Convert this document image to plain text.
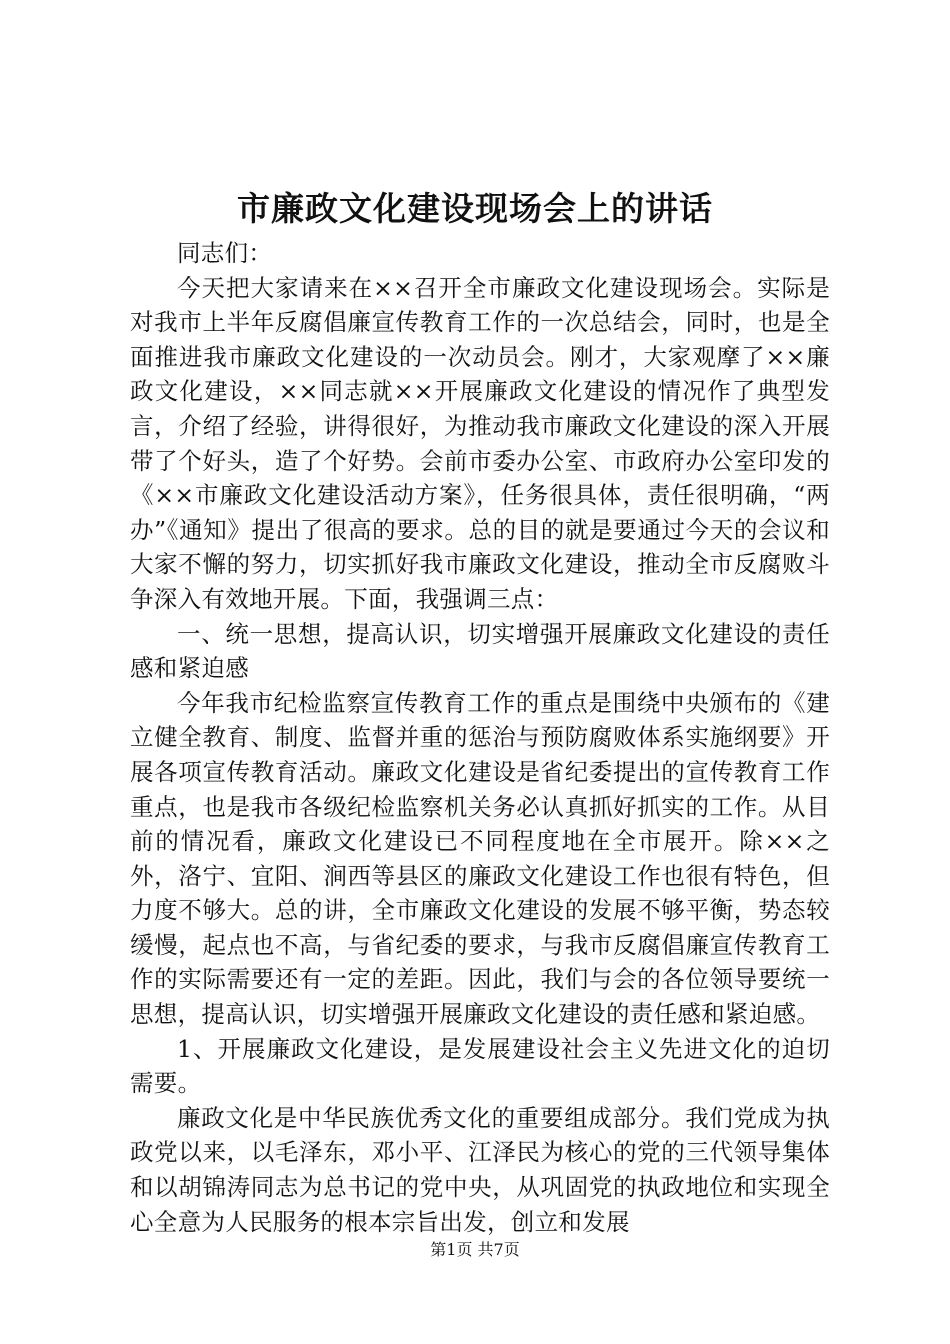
市廉政文化建设现场会上的讲话

同志们：

今天把大家请来在××召开全市廉政文化建设现场会。实际是对我市上半年反腐倡廉宣传教育工作的一次总结会，同时，也是全面推进我市廉政文化建设的一次动员会。刚才，大家观摩了××廉政文化建设，××同志就××开展廉政文化建设的情况作了典型发言，介绍了经验，讲得很好，为推动我市廉政文化建设的深入开展带了个好头，造了个好势。会前市委办公室、市政府办公室印发的《××市廉政文化建设活动方案》，任务很具体，责任很明确，“两办”《通知》提出了很高的要求。总的目的就是要通过今天的会议和大家不懈的努力，切实抓好我市廉政文化建设，推动全市反腐败斗争深入有效地开展。下面，我强调三点：

一、统一思想，提高认识，切实增强开展廉政文化建设的责任感和紧迫感

今年我市纪检监察宣传教育工作的重点是围绕中央颁布的《建立健全教育、制度、监督并重的惩治与预防腐败体系实施纲要》开展各项宣传教育活动。廉政文化建设是省纪委提出的宣传教育工作重点，也是我市各级纪检监察机关务必认真抓好抓实的工作。从目前的情况看，廉政文化建设已不同程度地在全市展开。除××之外，洛宁、宜阳、涧西等县区的廉政文化建设工作也很有特色，但力度不够大。总的讲，全市廉政文化建设的发展不够平衡，势态较缓慢，起点也不高，与省纪委的要求，与我市反腐倡廉宣传教育工作的实际需要还有一定的差距。因此，我们与会的各位领导要统一思想，提高认识，切实增强开展廉政文化建设的责任感和紧迫感。

1、开展廉政文化建设，是发展建设社会主义先进文化的迫切需要。

廉政文化是中华民族优秀文化的重要组成部分。我们党成为执政党以来，以毛泽东，邓小平、江泽民为核心的党的三代领导集体和以胡锦涛同志为总书记的党中央，从巩固党的执政地位和实现全心全意为人民服务的根本宗旨出发，创立和发展

第1页 共7页
